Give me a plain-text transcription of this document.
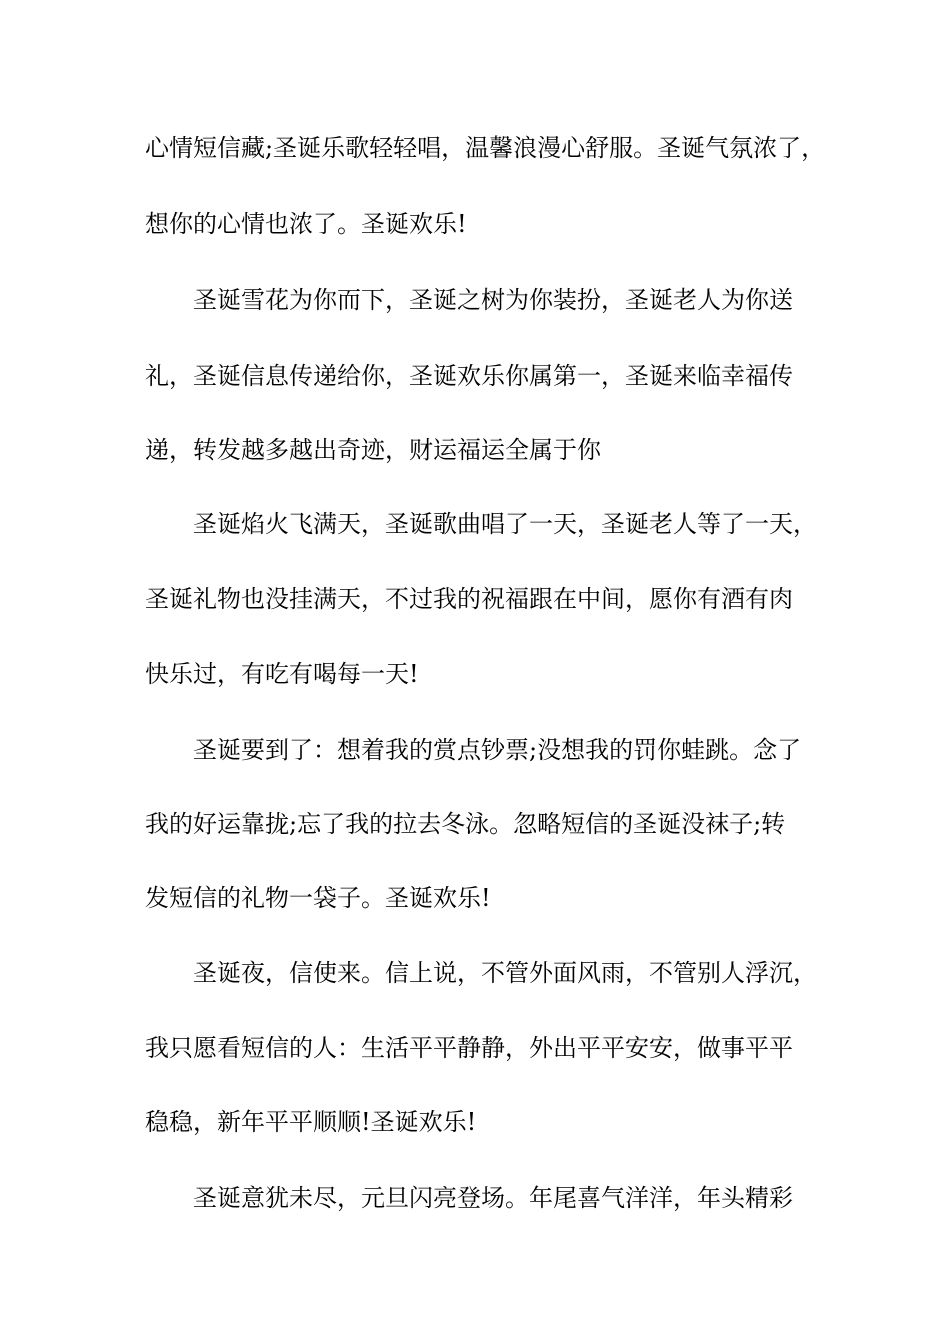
心情短信藏;圣诞乐歌轻轻唱，温馨浪漫心舒服。圣诞气氛浓了，
想你的心情也浓了。圣诞欢乐!
圣诞雪花为你而下，圣诞之树为你装扮，圣诞老人为你送
礼，圣诞信息传递给你，圣诞欢乐你属第一，圣诞来临幸福传
递，转发越多越出奇迹，财运福运全属于你
圣诞焰火飞满天，圣诞歌曲唱了一天，圣诞老人等了一天，
圣诞礼物也没挂满天，不过我的祝福跟在中间，愿你有酒有肉
快乐过，有吃有喝每一天!
圣诞要到了：想着我的赏点钞票;没想我的罚你蛙跳。念了
我的好运靠拢;忘了我的拉去冬泳。忽略短信的圣诞没袜子;转
发短信的礼物一袋子。圣诞欢乐!
圣诞夜，信使来。信上说，不管外面风雨，不管别人浮沉，
我只愿看短信的人：生活平平静静，外出平平安安，做事平平
稳稳，新年平平顺顺!圣诞欢乐!
圣诞意犹未尽，元旦闪亮登场。年尾喜气洋洋，年头精彩
